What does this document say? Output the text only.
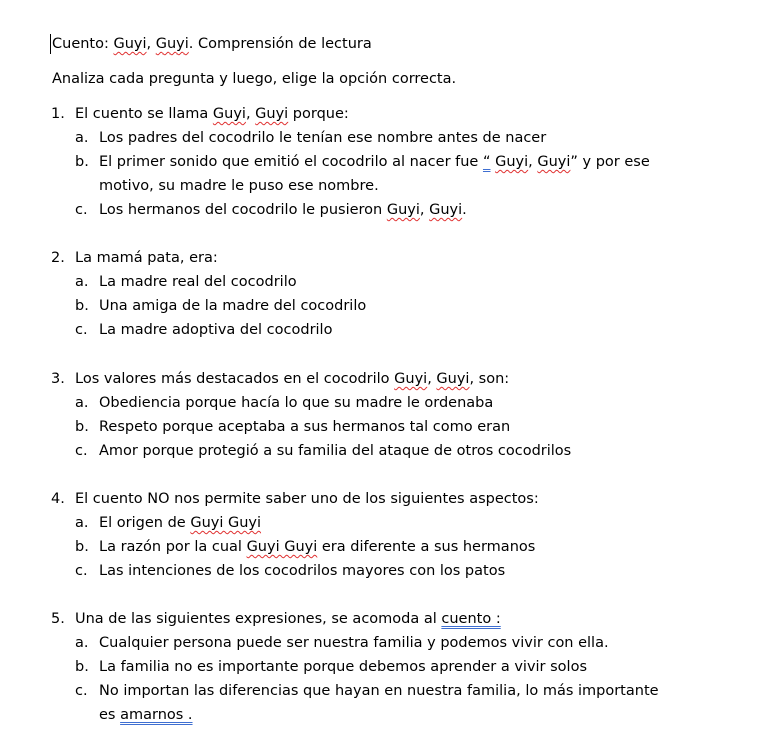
Cuento: Guyi, Guyi. Comprensión de lectura
Analiza cada pregunta y luego, elige la opción correcta.
1. El cuento se llama Guyi, Guyi porque:
a. Los padres del cocodrilo le tenían ese nombre antes de nacer
b. El primer sonido que emitió el cocodrilo al nacer fue “ Guyi, Guyi” y por ese
motivo, su madre le puso ese nombre.
c. Los hermanos del cocodrilo le pusieron Guyi, Guyi.
2. La mamá pata, era:
a. La madre real del cocodrilo
b. Una amiga de la madre del cocodrilo
c. La madre adoptiva del cocodrilo
3. Los valores más destacados en el cocodrilo Guyi, Guyi, son:
a. Obediencia porque hacía lo que su madre le ordenaba
b. Respeto porque aceptaba a sus hermanos tal como eran
c. Amor porque protegió a su familia del ataque de otros cocodrilos
4. El cuento NO nos permite saber uno de los siguientes aspectos:
a. El origen de Guyi Guyi
b. La razón por la cual Guyi Guyi era diferente a sus hermanos
c. Las intenciones de los cocodrilos mayores con los patos
5. Una de las siguientes expresiones, se acomoda al cuento :
a. Cualquier persona puede ser nuestra familia y podemos vivir con ella.
b. La familia no es importante porque debemos aprender a vivir solos
c. No importan las diferencias que hayan en nuestra familia, lo más importante
es amarnos .
